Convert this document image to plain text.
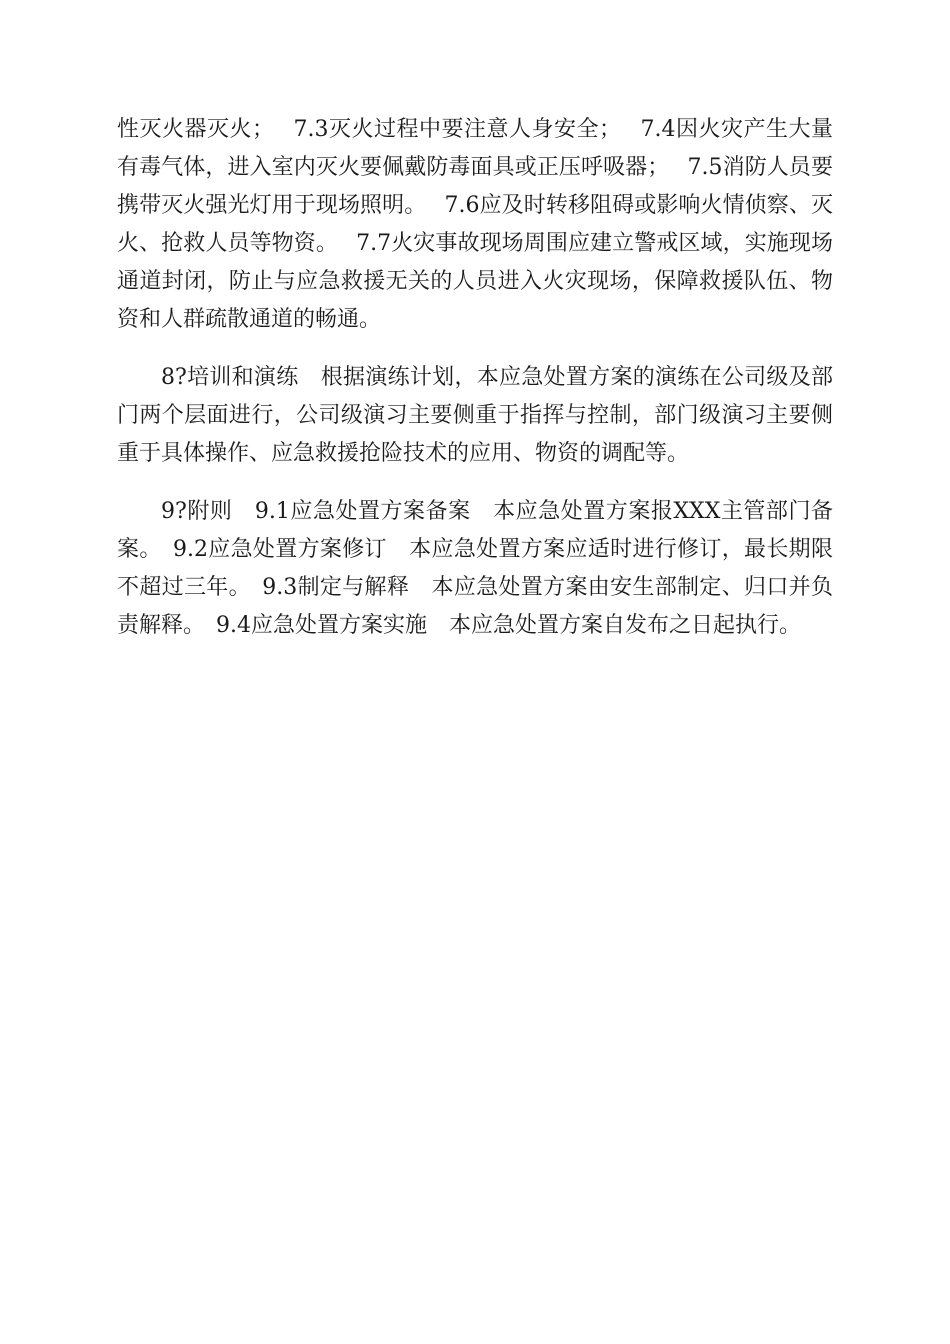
性灭火器灭火；　 7.3灭火过程中要注意人身安全；　 7.4因火灾产生大量有毒气体，进入室内灭火要佩戴防毒面具或正压呼吸器；　 7.5消防人员要携带灭火强光灯用于现场照明。　 7.6应及时转移阻碍或影响火情侦察、灭火、抢救人员等物资。　 7.7火灾事故现场周围应建立警戒区域，实施现场通道封闭，防止与应急救援无关的人员进入火灾现场，保障救援队伍、物资和人群疏散通道的畅通。

8?培训和演练　根据演练计划，本应急处置方案的演练在公司级及部门两个层面进行，公司级演习主要侧重于指挥与控制，部门级演习主要侧重于具体操作、应急救援抢险技术的应用、物资的调配等。

9?附则　9.1应急处置方案备案　本应急处置方案报XXX主管部门备案。　9.2应急处置方案修订　本应急处置方案应适时进行修订，最长期限不超过三年。　9.3制定与解释　本应急处置方案由安生部制定、归口并负责解释。　9.4应急处置方案实施　本应急处置方案自发布之日起执行。
